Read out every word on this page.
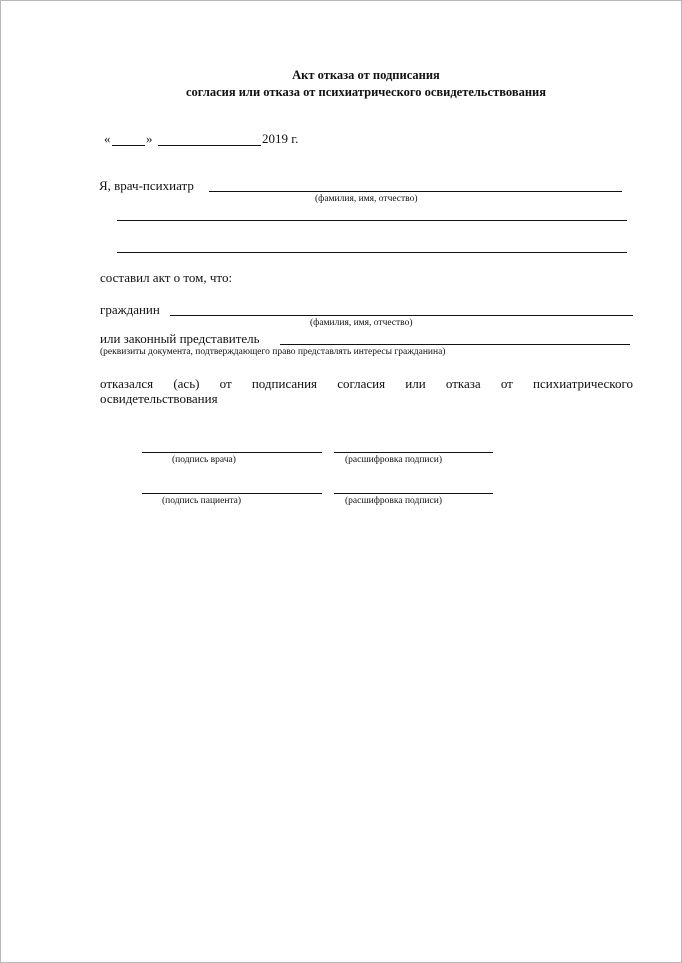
Акт отказа от подписания
согласия или отказа от психиатрического освидетельствования
«	»	2019 г.
Я, врач-психиатр
(фамилия, имя, отчество)
составил акт о том, что:
гражданин
(фамилия, имя, отчество)
или законный представитель
(реквизиты документа, подтверждающего право представлять интересы гражданина)
отказался (ась) от подписания согласия или отказа от психиатрического
освидетельствования
(подпись врача)	(расшифровка подписи)
(подпись пациента)	(расшифровка подписи)
